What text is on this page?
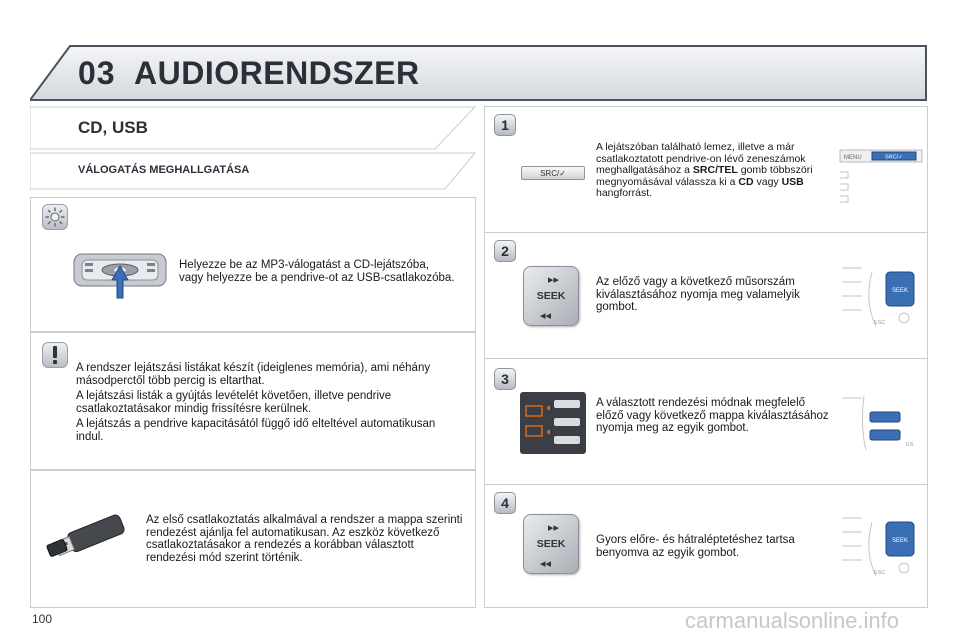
03 AUDIORENDSZER
CD, USB
VÁLOGATÁS MEGHALLGATÁSA
Helyezze be az MP3-válogatást a CD-lejátszóba,
vagy helyezze be a pendrive-ot az USB-csatlakozóba.

A rendszer lejátszási listákat készít (ideiglenes memória), ami néhány másodperctől több percig is eltarthat.

A lejátszási listák a gyújtás levételét követően, illetve pendrive csatlakoztatásakor mindig frissítésre kerülnek.

A lejátszás a pendrive kapacitásától függő idő elteltével automatikusan indul.

Az első csatlakoztatás alkalmával a rendszer a mappa szerinti rendezést ajánlja fel automatikusan. Az eszköz következő csatlakoztatásakor a rendezés a korábban választott rendezési mód szerint történik.
1
SRC/✓
A lejátszóban található lemez, illetve a már csatlakoztatott pendrive-on lévő zeneszámok meghallgatásához a SRC/TEL gomb többszöri megnyomásával válassza ki a CD vagy USB hangforrást.
MENU	SRC/✓
2
▸▸
SEEK
◂◂
Az előző vagy a következő műsorszám kiválasztásához nyomja meg valamelyik gombot.
SEEK
ESC
3
A választott rendezési módnak megfelelő előző vagy következő mappa kiválasztásához nyomja meg az egyik gombot.
ES
4
▸▸
SEEK
◂◂
Gyors előre- és hátraléptetéshez tartsa benyomva az egyik gombot.
SEEK
ESC
100	carmanualsonline.info
